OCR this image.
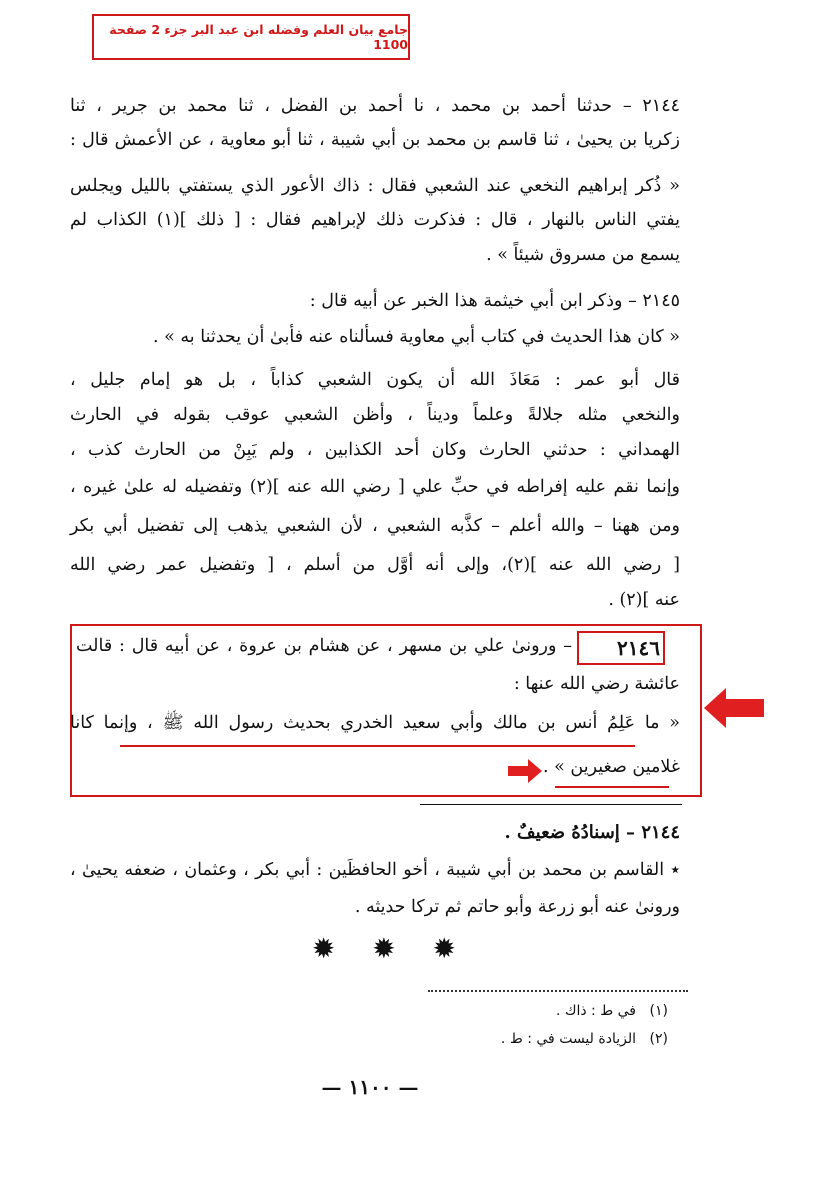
جامع بيان العلم وفضله ابن عبد البر جزء 2 صفحة 1100
٢١٤٤ – حدثنا أحمد بن محمد ، نا أحمد بن الفضل ، ثنا محمد بن جرير ، ثنا
زكريا بن يحيىٰ ، ثنا قاسم بن محمد بن أبي شيبة ، ثنا أبو معاوية ، عن الأعمش قال :
« ذُكر إبراهيم النخعي عند الشعبي فقال : ذاك الأعور الذي يستفتي بالليل ويجلس
يفتي الناس بالنهار ، قال : فذكرت ذلك لإبراهيم فقال : [ ذلك ](١) الكذاب لم
يسمع من مسروق شيئاً » .
٢١٤٥ – وذكر ابن أبي خيثمة هذا الخبر عن أبيه قال :
« كان هذا الحديث في كتاب أبي معاوية فسألناه عنه فأبىٰ أن يحدثنا به » .
قال أبو عمر : مَعَاذَ الله أن يكون الشعبي كذاباً ، بل هو إمام جليل ،
والنخعي مثله جلالةً وعلماً وديناً ، وأظن الشعبي عوقب بقوله في الحارث
الهمداني : حدثني الحارث وكان أحد الكذابين ، ولم يَبِنْ من الحارث كذب ،
وإنما نقم عليه إفراطه في حبِّ علي [ رضي الله عنه ](٢) وتفضيله له علىٰ غيره ،
ومن ههنا – والله أعلم – كذَّبه الشعبي ، لأن الشعبي يذهب إلى تفضيل أبي بكر
[ رضي الله عنه ](٢)، وإلى أنه أوَّل من أسلم ، [ وتفضيل عمر رضي الله
عنه ](٢) .
٢١٤٦
– ورونىٰ علي بن مسهر ، عن هشام بن عروة ، عن أبيه قال : قالت
عائشة رضي الله عنها :
« ما عَلِمُ أنس بن مالك وأبي سعيد الخدري بحديث رسول الله ﷺ ، وإنما كانا
غلامين صغيرين » .
٢١٤٤ – إسنادُهُ ضعيفٌ .
٭ القاسم بن محمد بن أبي شيبة ، أخو الحافظَين : أبي بكر ، وعثمان ، ضعفه يحيىٰ ،
ورونىٰ عنه أبو زرعة وأبو حاتم ثم تركا حديثه .
✹ ✹ ✹
(١)
في ط : ذاك .
(٢)
الزيادة ليست في : ط .
— ١١٠٠ —
